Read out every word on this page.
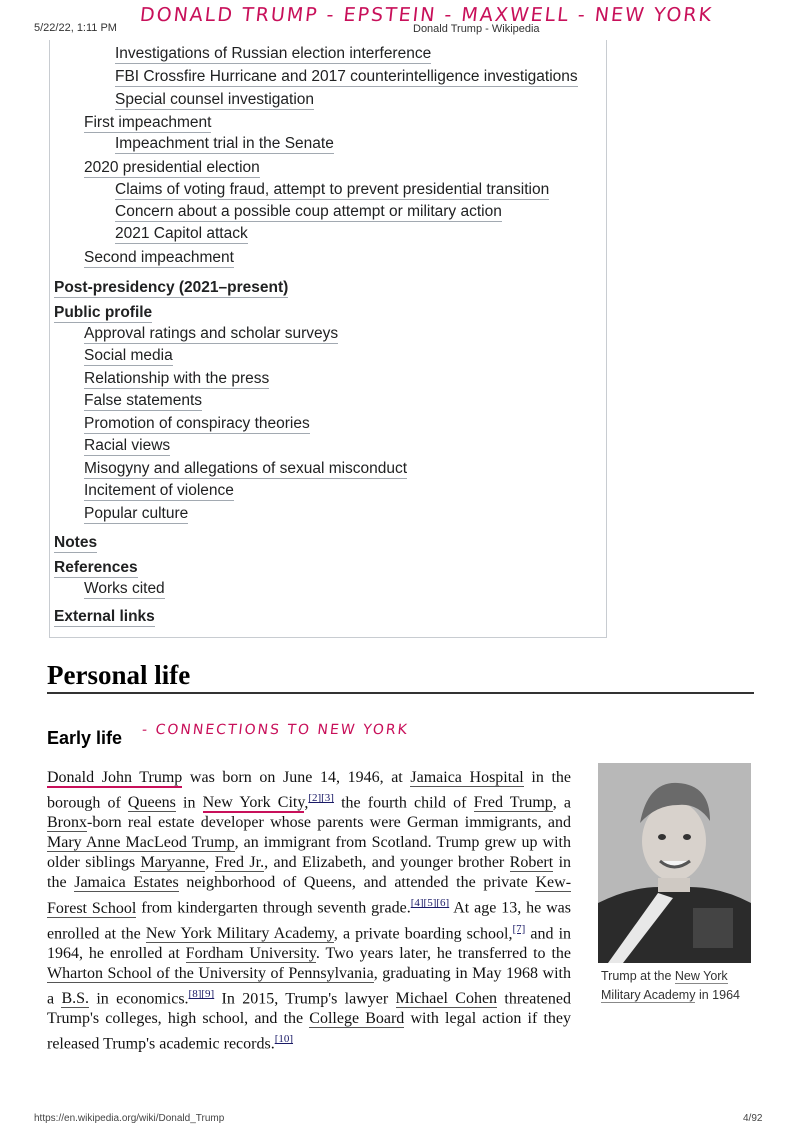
5/22/22, 1:11 PM	Donald Trump - Wikipedia
DONALD TRUMP - EPSTEIN - MAXWELL - NEW YORK
Investigations of Russian election interference
FBI Crossfire Hurricane and 2017 counterintelligence investigations
Special counsel investigation
First impeachment
Impeachment trial in the Senate
2020 presidential election
Claims of voting fraud, attempt to prevent presidential transition
Concern about a possible coup attempt or military action
2021 Capitol attack
Second impeachment
Post-presidency (2021–present)
Public profile
Approval ratings and scholar surveys
Social media
Relationship with the press
False statements
Promotion of conspiracy theories
Racial views
Misogyny and allegations of sexual misconduct
Incitement of violence
Popular culture
Notes
References
Works cited
External links
Personal life
Early life - CONNECTIONS TO NEW YORK
Donald John Trump was born on June 14, 1946, at Jamaica Hospital in the borough of Queens in New York City,[2][3] the fourth child of Fred Trump, a Bronx-born real estate developer whose parents were German immigrants, and Mary Anne MacLeod Trump, an immigrant from Scotland. Trump grew up with older siblings Maryanne, Fred Jr., and Elizabeth, and younger brother Robert in the Jamaica Estates neighborhood of Queens, and attended the private Kew-Forest School from kindergarten through seventh grade.[4][5][6] At age 13, he was enrolled at the New York Military Academy, a private boarding school,[7] and in 1964, he enrolled at Fordham University. Two years later, he transferred to the Wharton School of the University of Pennsylvania, graduating in May 1968 with a B.S. in economics.[8][9] In 2015, Trump's lawyer Michael Cohen threatened Trump's colleges, high school, and the College Board with legal action if they released Trump's academic records.[10]
Trump at the New York Military Academy in 1964
https://en.wikipedia.org/wiki/Donald_Trump	4/92
